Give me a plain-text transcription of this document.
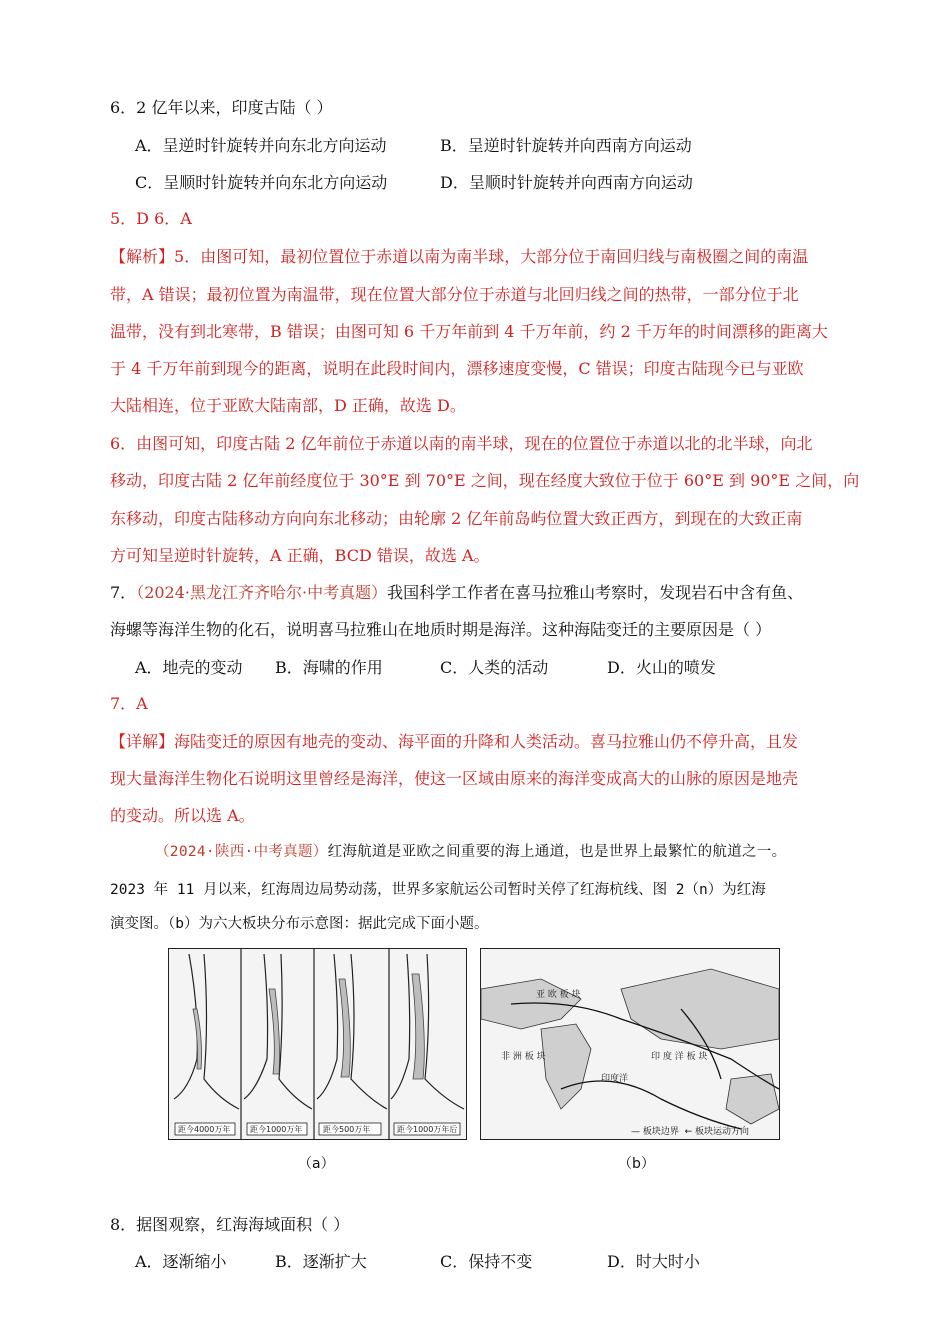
6．2 亿年以来，印度古陆（ ）
A．呈逆时针旋转并向东北方向运动	B．呈逆时针旋转并向西南方向运动
C．呈顺时针旋转并向东北方向运动	D．呈顺时针旋转并向西南方向运动
5．D 6．A
【解析】5．由图可知，最初位置位于赤道以南为南半球，大部分位于南回归线与南极圈之间的南温
带，A 错误；最初位置为南温带，现在位置大部分位于赤道与北回归线之间的热带，一部分位于北
温带，没有到北寒带，B 错误；由图可知 6 千万年前到 4 千万年前，约 2 千万年的时间漂移的距离大
于 4 千万年前到现今的距离，说明在此段时间内，漂移速度变慢，C 错误；印度古陆现今已与亚欧
大陆相连，位于亚欧大陆南部，D 正确，故选 D。
6．由图可知，印度古陆 2 亿年前位于赤道以南的南半球，现在的位置位于赤道以北的北半球，向北
移动，印度古陆 2 亿年前经度位于 30°E 到 70°E 之间，现在经度大致位于位于 60°E 到 90°E 之间，向
东移动，印度古陆移动方向向东北移动；由轮廓 2 亿年前岛屿位置大致正西方，到现在的大致正南
方可知呈逆时针旋转，A 正确，BCD 错误，故选 A。
7．（2024·黑龙江齐齐哈尔·中考真题）我国科学工作者在喜马拉雅山考察时，发现岩石中含有鱼、
海螺等海洋生物的化石，说明喜马拉雅山在地质时期是海洋。这种海陆变迁的主要原因是（ ）
A．地壳的变动 B．海啸的作用	C．人类的活动	D．火山的喷发
7．A
【详解】海陆变迁的原因有地壳的变动、海平面的升降和人类活动。喜马拉雅山仍不停升高，且发
现大量海洋生物化石说明这里曾经是海洋，使这一区域由原来的海洋变成高大的山脉的原因是地壳
的变动。所以选 A。
（2024·陕西·中考真题）红海航道是亚欧之间重要的海上通道，也是世界上最繁忙的航道之一。
2023 年 11 月以来，红海周边局势动荡，世界多家航运公司暂时关停了红海杭线、图 2（n）为红海
演变图。（b）为六大板块分布示意图：据此完成下面小题。
距今4000万年 距今1000万年	距今500万年	距今1000万年后
亚 欧 板 块
印 度 洋 板 块
非 洲 板 块
印度洋
— 板块边界 ← 板块运动方向
（a）	（b）
8．据图观察，红海海域面积（ ）
A．逐渐缩小	B．逐渐扩大	C．保持不变	D．时大时小
